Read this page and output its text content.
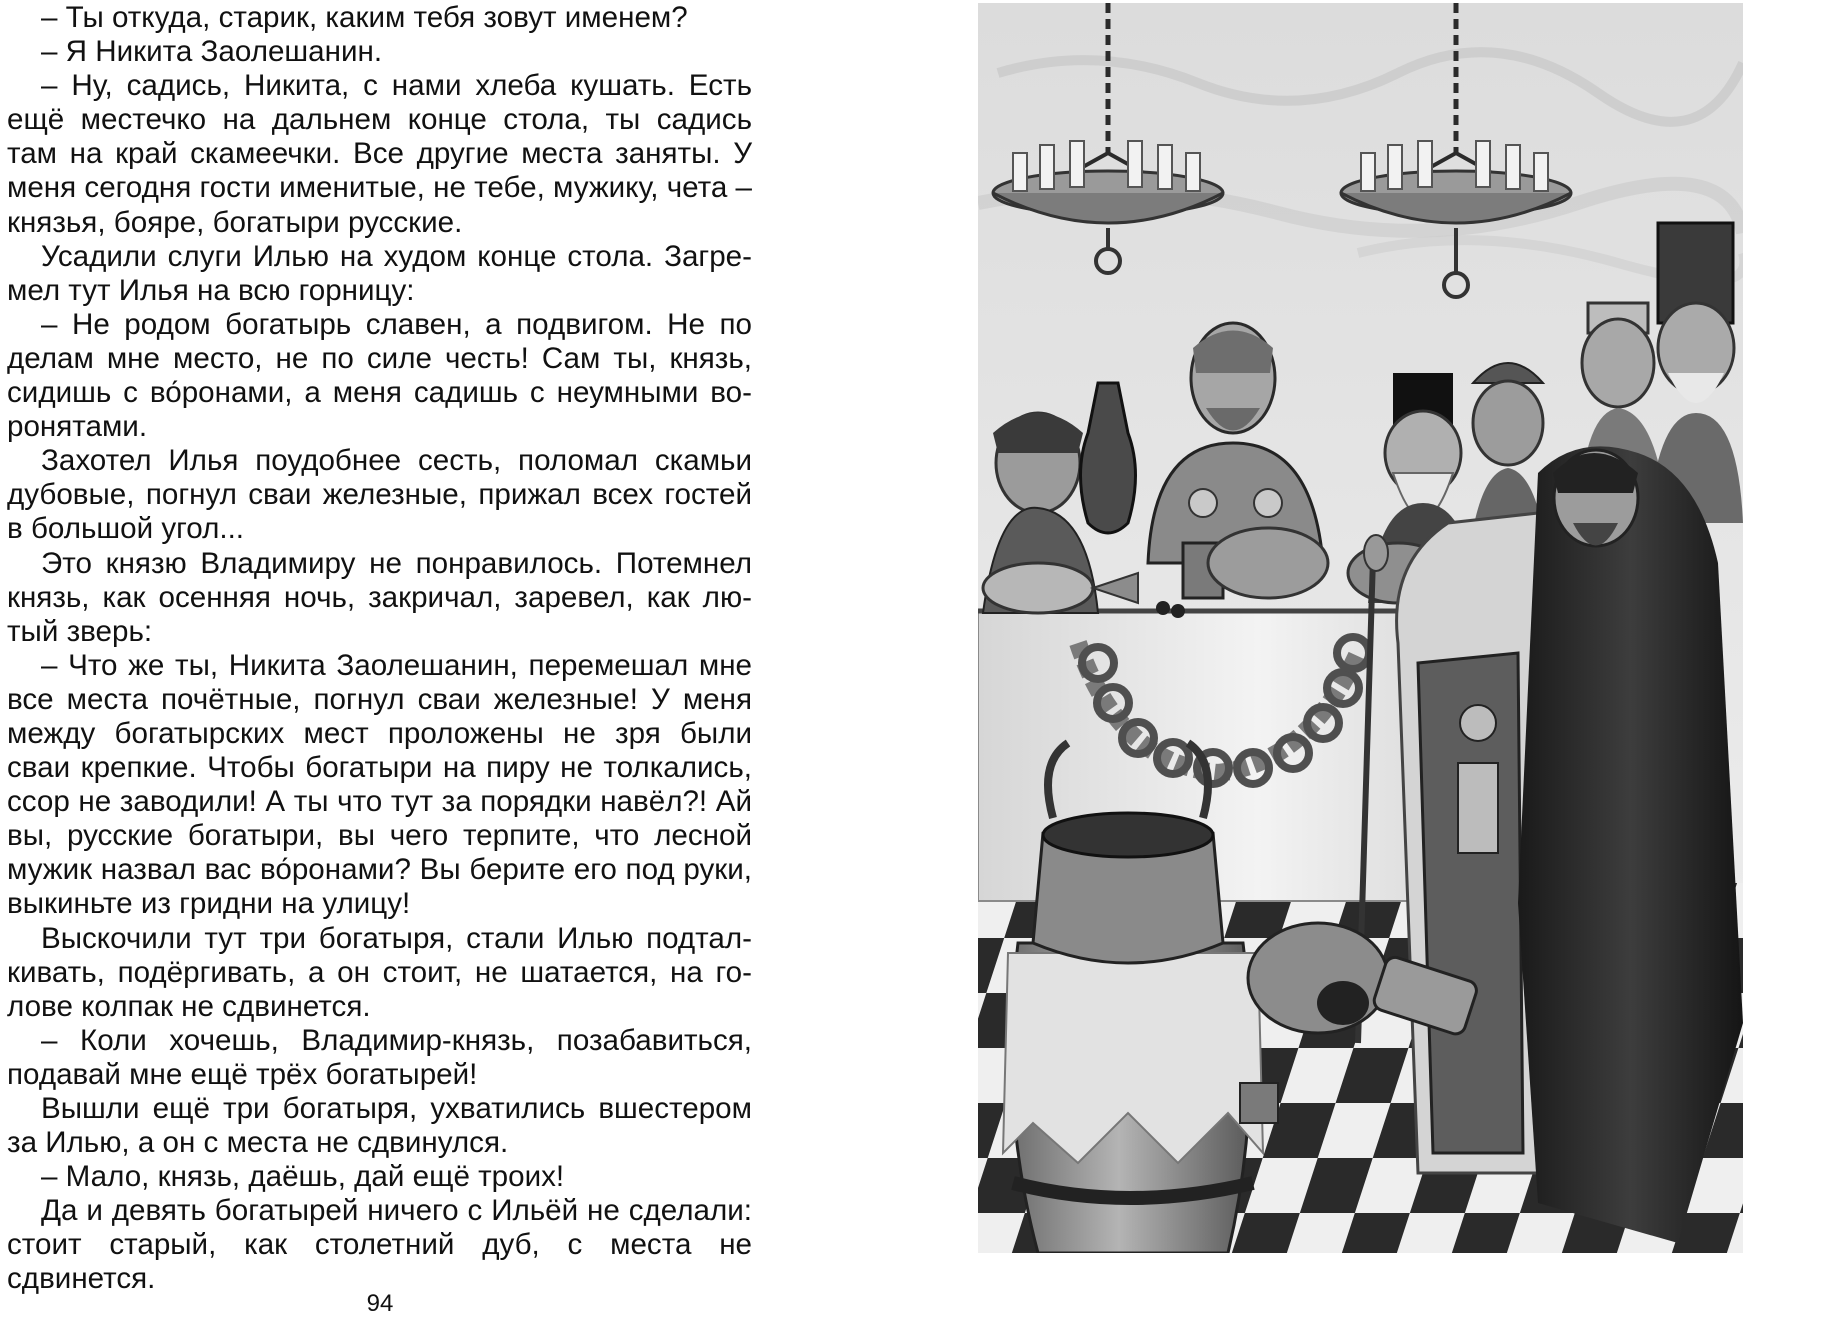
– Ты откуда, старик, каким тебя зовут именем?

– Я Никита Заолешанин.

– Ну, садись, Никита, с нами хлеба кушать. Есть ещё местечко на дальнем конце стола, ты садись там на край скамеечки. Все другие места заняты. У меня сегодня гости именитые, не тебе, мужику, чета – князья, бояре, богатыри русские.

Усадили слуги Илью на худом конце стола. Загремел тут Илья на всю горницу:

– Не родом богатырь славен, а подвигом. Не по делам мне место, не по силе честь! Сам ты, князь, сидишь с во́ронами, а меня садишь с неумными воронятами.

Захотел Илья поудобнее сесть, поломал скамьи дубовые, погнул сваи железные, прижал всех гостей в большой угол...

Это князю Владимиру не понравилось. Потемнел князь, как осенняя ночь, закричал, заревел, как лютый зверь:

– Что же ты, Никита Заолешанин, перемешал мне все места почётные, погнул сваи железные! У меня между богатырских мест проложены не зря были сваи крепкие. Чтобы богатыри на пиру не толкались, ссор не заводили! А ты что тут за порядки навёл?! Ай вы, русские богатыри, вы чего терпите, что лесной мужик назвал вас во́ронами? Вы берите его под руки, выкиньте из гридни на улицу!

Выскочили тут три богатыря, стали Илью подталкивать, подёргивать, а он стоит, не шатается, на голове колпак не сдвинется.

– Коли хочешь, Владимир-князь, позабавиться, подавай мне ещё трёх богатырей!

Вышли ещё три богатыря, ухватились вшестером за Илью, а он с места не сдвинулся.

– Мало, князь, даёшь, дай ещё троих!

Да и девять богатырей ничего с Ильёй не сделали: стоит старый, как столетний дуб, с места не сдвинется.

94
